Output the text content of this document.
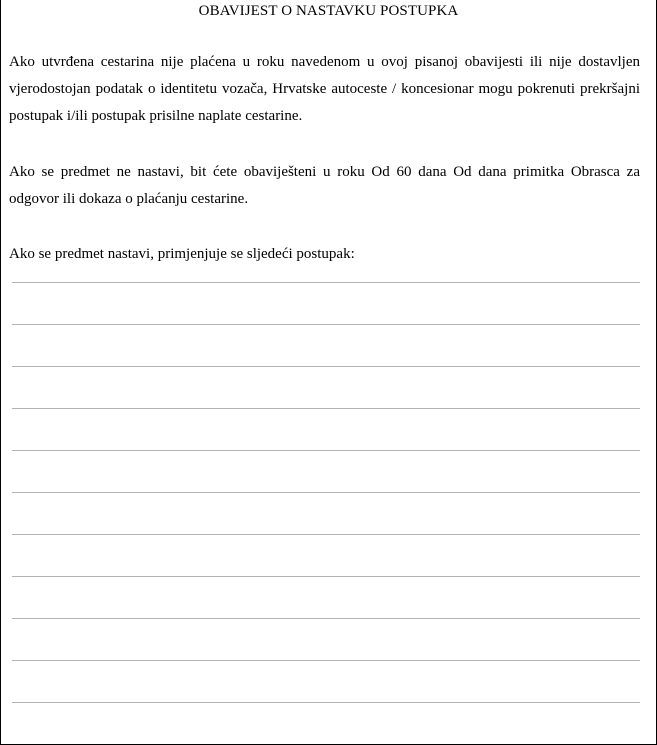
OBAVIJEST O NASTAVKU POSTUPKA

Ako utvrđena cestarina nije plaćena u roku navedenom u ovoj pisanoj obavijesti ili nije dostavljen vjerodostojan podatak o identitetu vozača, Hrvatske autoceste / koncesionar mogu pokrenuti prekršajni postupak i/ili postupak prisilne naplate cestarine.

Ako se predmet ne nastavi, bit ćete obaviješteni u roku Od 60 dana Od dana primitka Obrasca za odgovor ili dokaza o plaćanju cestarine.

Ako se predmet nastavi, primjenjuje se sljedeći postupak:
